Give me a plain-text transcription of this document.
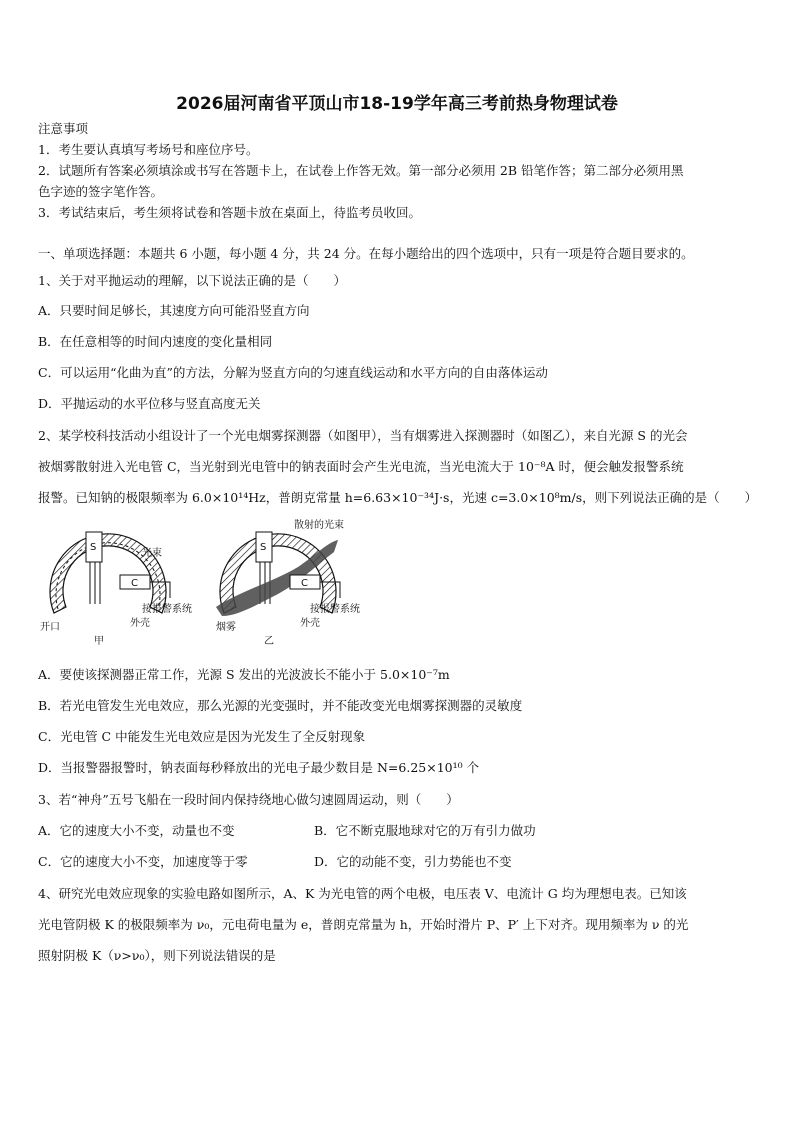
2026届河南省平顶山市18-19学年高三考前热身物理试卷
注意事项
1．考生要认真填写考场号和座位序号。
2．试题所有答案必须填涂或书写在答题卡上，在试卷上作答无效。第一部分必须用 2B 铅笔作答；第二部分必须用黑
色字迹的签字笔作答。
3．考试结束后，考生须将试卷和答题卡放在桌面上，待监考员收回。
一、单项选择题：本题共 6 小题，每小题 4 分，共 24 分。在每小题给出的四个选项中，只有一项是符合题目要求的。
1、关于对平抛运动的理解，以下说法正确的是（　　）
A．只要时间足够长，其速度方向可能沿竖直方向
B．在任意相等的时间内速度的变化量相同
C．可以运用“化曲为直”的方法，分解为竖直方向的匀速直线运动和水平方向的自由落体运动
D．平抛运动的水平位移与竖直高度无关
2、某学校科技活动小组设计了一个光电烟雾探测器（如图甲），当有烟雾进入探测器时（如图乙），来自光源 S 的光会
被烟雾散射进入光电管 C，当光射到光电管中的钠表面时会产生光电流，当光电流大于 10⁻⁸A 时，便会触发报警系统
报警。已知钠的极限频率为 6.0×10¹⁴Hz，普朗克常量 h=6.63×10⁻³⁴J·s，光速 c=3.0×10⁸m/s，则下列说法正确的是（　　）
S
C
光束
接报警系统
开口	外壳
甲
S
C
散射的光束
接报警系统
烟雾	外壳
乙
A．要使该探测器正常工作，光源 S 发出的光波波长不能小于 5.0×10⁻⁷m
B．若光电管发生光电效应，那么光源的光变强时，并不能改变光电烟雾探测器的灵敏度
C．光电管 C 中能发生光电效应是因为光发生了全反射现象
D．当报警器报警时，钠表面每秒释放出的光电子最少数目是 N=6.25×10¹⁰ 个
3、若“神舟”五号飞船在一段时间内保持绕地心做匀速圆周运动，则（　　）
A．它的速度大小不变，动量也不变	B．它不断克服地球对它的万有引力做功
C．它的速度大小不变，加速度等于零	D．它的动能不变，引力势能也不变
4、研究光电效应现象的实验电路如图所示，A、K 为光电管的两个电极，电压表 V、电流计 G 均为理想电表。已知该
光电管阴极 K 的极限频率为 ν₀，元电荷电量为 e，普朗克常量为 h，开始时滑片 P、P′ 上下对齐。现用频率为 ν 的光
照射阴极 K（ν>ν₀），则下列说法错误的是
